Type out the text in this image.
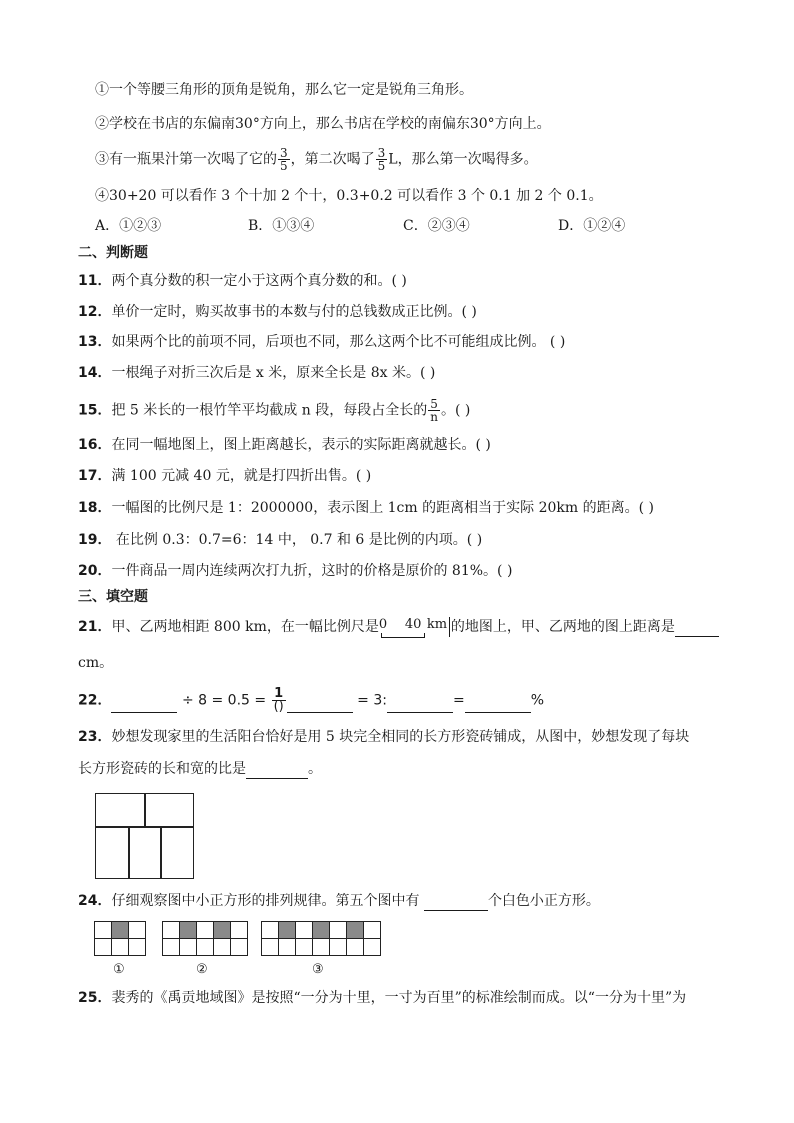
①一个等腰三角形的顶角是锐角，那么它一定是锐角三角形。
②学校在书店的东偏南30°方向上，那么书店在学校的南偏东30°方向上。
③有一瓶果汁第一次喝了它的 $\frac{3}{5}$ ，第二次喝了 $\frac{3}{5}$ L，那么第一次喝得多。
④30+20 可以看作 3 个十加 2 个十，0.3+0.2 可以看作 3 个 0.1 加 2 个 0.1。
A．①②③	B．①③④	C．②③④	D．①②④
二、判断题
11．两个真分数的积一定小于这两个真分数的和。( )
12．单价一定时，购买故事书的本数与付的总钱数成正比例。( )
13．如果两个比的前项不同，后项也不同，那么这两个比不可能组成比例。 ( )
14．一根绳子对折三次后是 x 米，原来全长是 8x 米。( )
15．把 5 米长的一根竹竿平均截成 n 段，每段占全长的 $\frac{5}{n}$ 。( )
16．在同一幅地图上，图上距离越长，表示的实际距离就越长。( )
17．满 100 元减 40 元，就是打四折出售。( )
18．一幅图的比例尺是 1：2000000，表示图上 1cm 的距离相当于实际 20km 的距离。( )
19． 在比例 0.3：0.7=6：14 中， 0.7 和 6 是比例的内项。( )
20．一件商品一周内连续两次打九折，这时的价格是原价的 81%。( )
三、填空题
21．甲、乙两地相距 800 km，在一幅比例尺是 0 40 km 的地图上，甲、乙两地的图上距离是
cm。
22．	÷ $8 = 0.5 = \frac{1}{()}$	= 3:	=	%
23．妙想发现家里的生活阳台恰好是用 5 块完全相同的长方形瓷砖铺成，从图中，妙想发现了每块
长方形瓷砖的长和宽的比是	。
24．仔细观察图中小正方形的排列规律。第五个图中有	个白色小正方形。
①	②	③
25．裴秀的《禹贡地域图》是按照“一分为十里，一寸为百里”的标准绘制而成。以“一分为十里”为
